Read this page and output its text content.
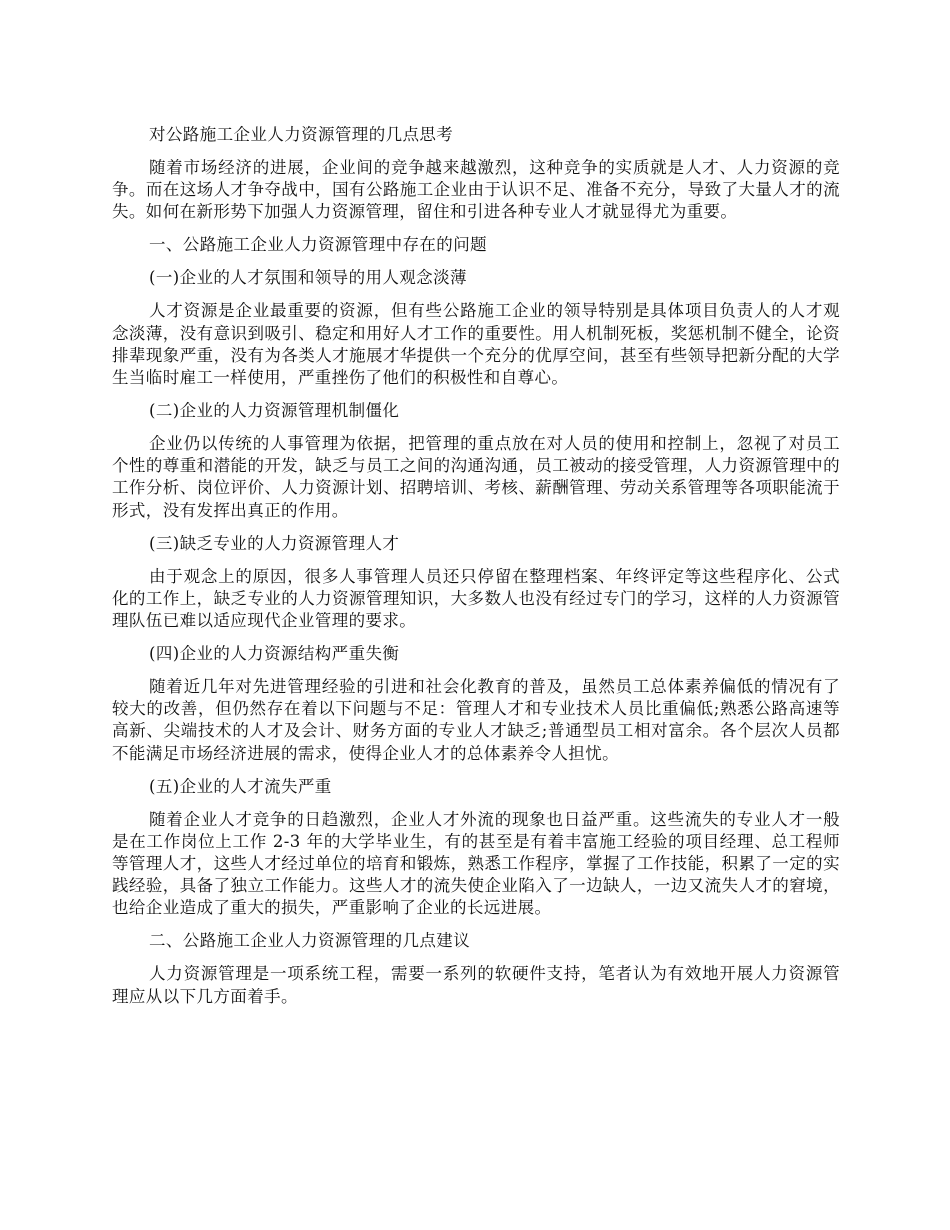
对公路施工企业人力资源管理的几点思考

随着市场经济的进展，企业间的竞争越来越激烈，这种竞争的实质就是人才、人力资源的竞争。而在这场人才争夺战中，国有公路施工企业由于认识不足、准备不充分，导致了大量人才的流失。如何在新形势下加强人力资源管理，留住和引进各种专业人才就显得尤为重要。

一、公路施工企业人力资源管理中存在的问题

(一)企业的人才氛围和领导的用人观念淡薄

人才资源是企业最重要的资源，但有些公路施工企业的领导特别是具体项目负责人的人才观念淡薄，没有意识到吸引、稳定和用好人才工作的重要性。用人机制死板，奖惩机制不健全，论资排辈现象严重，没有为各类人才施展才华提供一个充分的优厚空间，甚至有些领导把新分配的大学生当临时雇工一样使用，严重挫伤了他们的积极性和自尊心。

(二)企业的人力资源管理机制僵化

企业仍以传统的人事管理为依据，把管理的重点放在对人员的使用和控制上，忽视了对员工个性的尊重和潜能的开发，缺乏与员工之间的沟通沟通，员工被动的接受管理，人力资源管理中的工作分析、岗位评价、人力资源计划、招聘培训、考核、薪酬管理、劳动关系管理等各项职能流于形式，没有发挥出真正的作用。

(三)缺乏专业的人力资源管理人才

由于观念上的原因，很多人事管理人员还只停留在整理档案、年终评定等这些程序化、公式化的工作上，缺乏专业的人力资源管理知识，大多数人也没有经过专门的学习，这样的人力资源管理队伍已难以适应现代企业管理的要求。

(四)企业的人力资源结构严重失衡

随着近几年对先进管理经验的引进和社会化教育的普及，虽然员工总体素养偏低的情况有了较大的改善，但仍然存在着以下问题与不足：管理人才和专业技术人员比重偏低;熟悉公路高速等高新、尖端技术的人才及会计、财务方面的专业人才缺乏;普通型员工相对富余。各个层次人员都不能满足市场经济进展的需求，使得企业人才的总体素养令人担忧。

(五)企业的人才流失严重

随着企业人才竞争的日趋激烈，企业人才外流的现象也日益严重。这些流失的专业人才一般是在工作岗位上工作 2-3 年的大学毕业生，有的甚至是有着丰富施工经验的项目经理、总工程师等管理人才，这些人才经过单位的培育和锻炼，熟悉工作程序，掌握了工作技能，积累了一定的实践经验，具备了独立工作能力。这些人才的流失使企业陷入了一边缺人，一边又流失人才的窘境，也给企业造成了重大的损失，严重影响了企业的长远进展。

二、公路施工企业人力资源管理的几点建议

人力资源管理是一项系统工程，需要一系列的软硬件支持，笔者认为有效地开展人力资源管理应从以下几方面着手。
